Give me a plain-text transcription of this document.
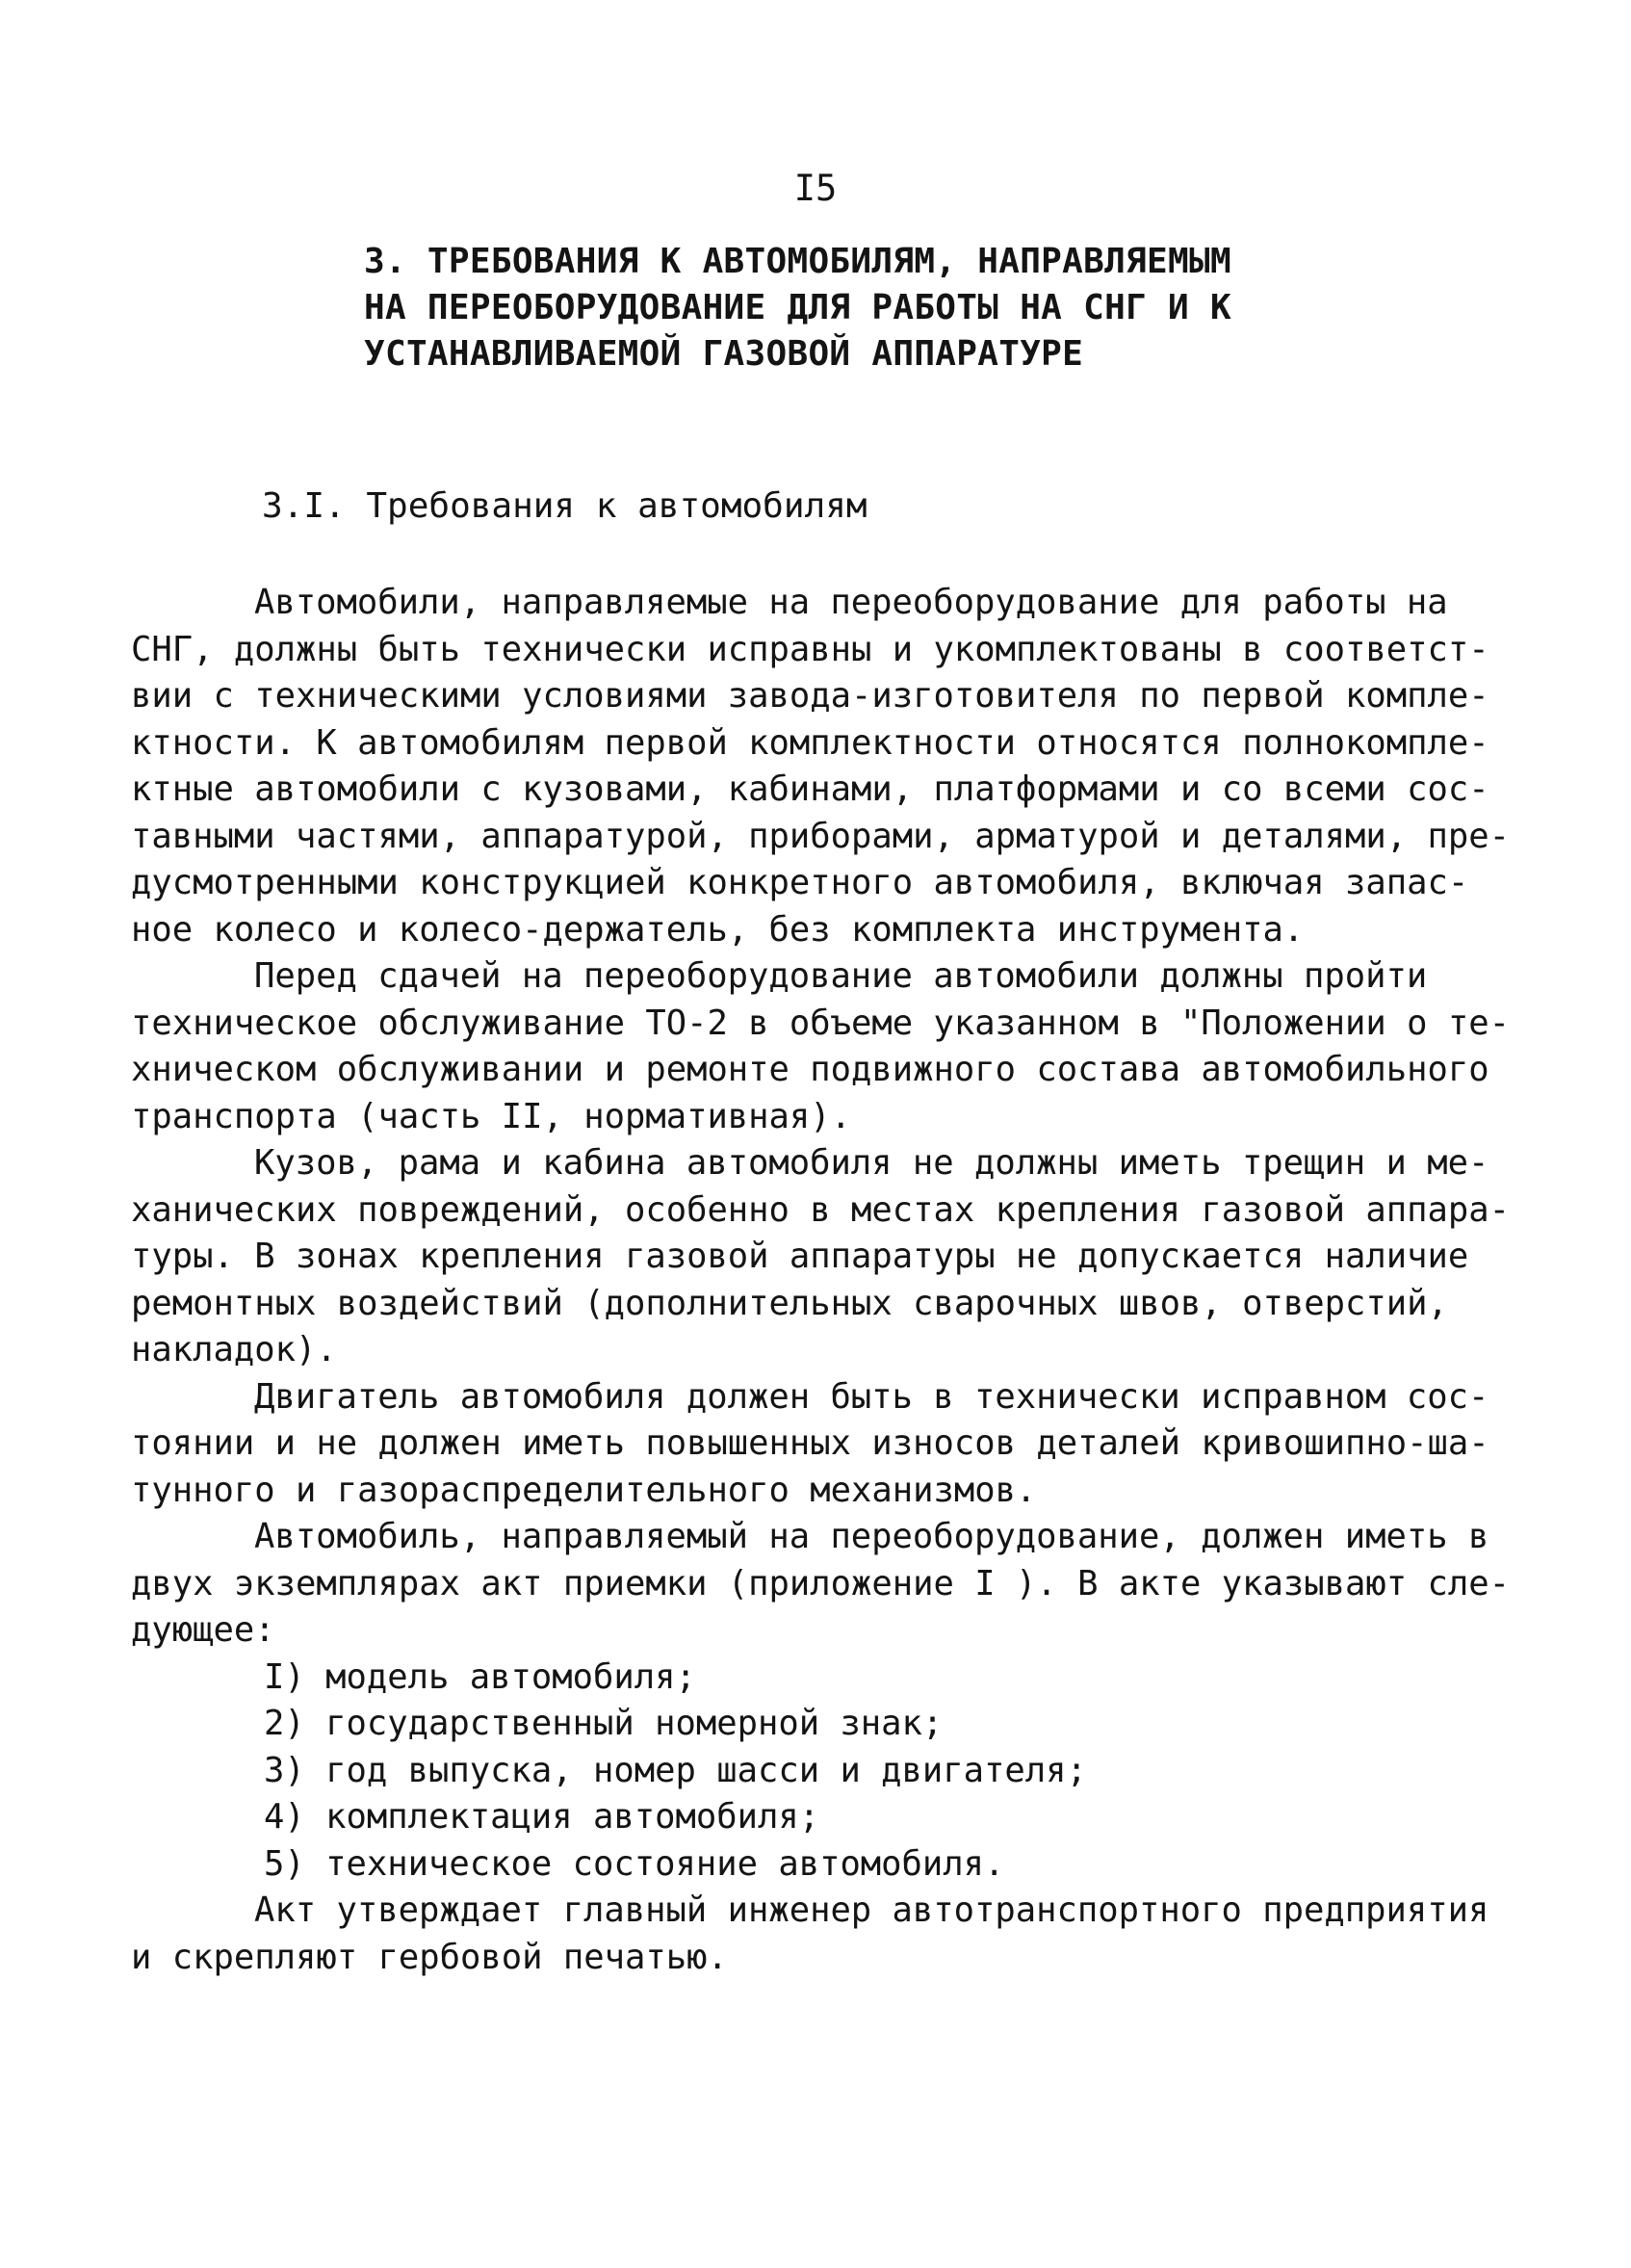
I5
3. ТРЕБОВАНИЯ К АВТОМОБИЛЯМ, НАПРАВЛЯЕМЫМ
НА ПЕРЕОБОРУДОВАНИЕ ДЛЯ РАБОТЫ НА СНГ И К
УСТАНАВЛИВАЕМОЙ ГАЗОВОЙ АППАРАТУРЕ
3.I. Требования к автомобилям

Автомобили, направляемые на переоборудование для работы на
СНГ, должны быть технически исправны и укомплектованы в соответст-
вии с техническими условиями завода-изготовителя по первой комплe-
ктности. К автомобилям первой комплектности относятся полнокомплe-
ктные автомобили с кузовами, кабинами, платформами и со всеми сос-
тавными частями, аппаратурой, приборами, арматурой и деталями, пре-
дусмотренными конструкцией конкретного автомобиля, включая запас-
ное колесо и колесо-держатель, без комплекта инструмента.

Перед сдачей на переоборудование автомобили должны пройти
техническое обслуживание ТО-2 в объеме указанном в "Положении о те-
хническом обслуживании и ремонте подвижного состава автомобильного
транспорта (часть II, нормативная).

Кузов, рама и кабина автомобиля не должны иметь трещин и ме-
ханических повреждений, особенно в местах крепления газовой аппара-
туры. В зонах крепления газовой аппаратуры не допускается наличие
ремонтных воздействий (дополнительных сварочных швов, отверстий,
накладок).

Двигатель автомобиля должен быть в технически исправном сос-
тоянии и не должен иметь повышенных износов деталей кривошипно-ша-
тунного и газораспределительного механизмов.

Автомобиль, направляемый на переоборудование, должен иметь в
двух экземплярах акт приемки (приложение I ). В акте указывают сле-
дующее:

I) модель автомобиля;
2) государственный номерной знак;
3) год выпуска, номер шасси и двигателя;
4) комплектация автомобиля;
5) техническое состояние автомобиля.

Акт утверждает главный инженер автотранспортного предприятия
и скрепляют гербовой печатью.
